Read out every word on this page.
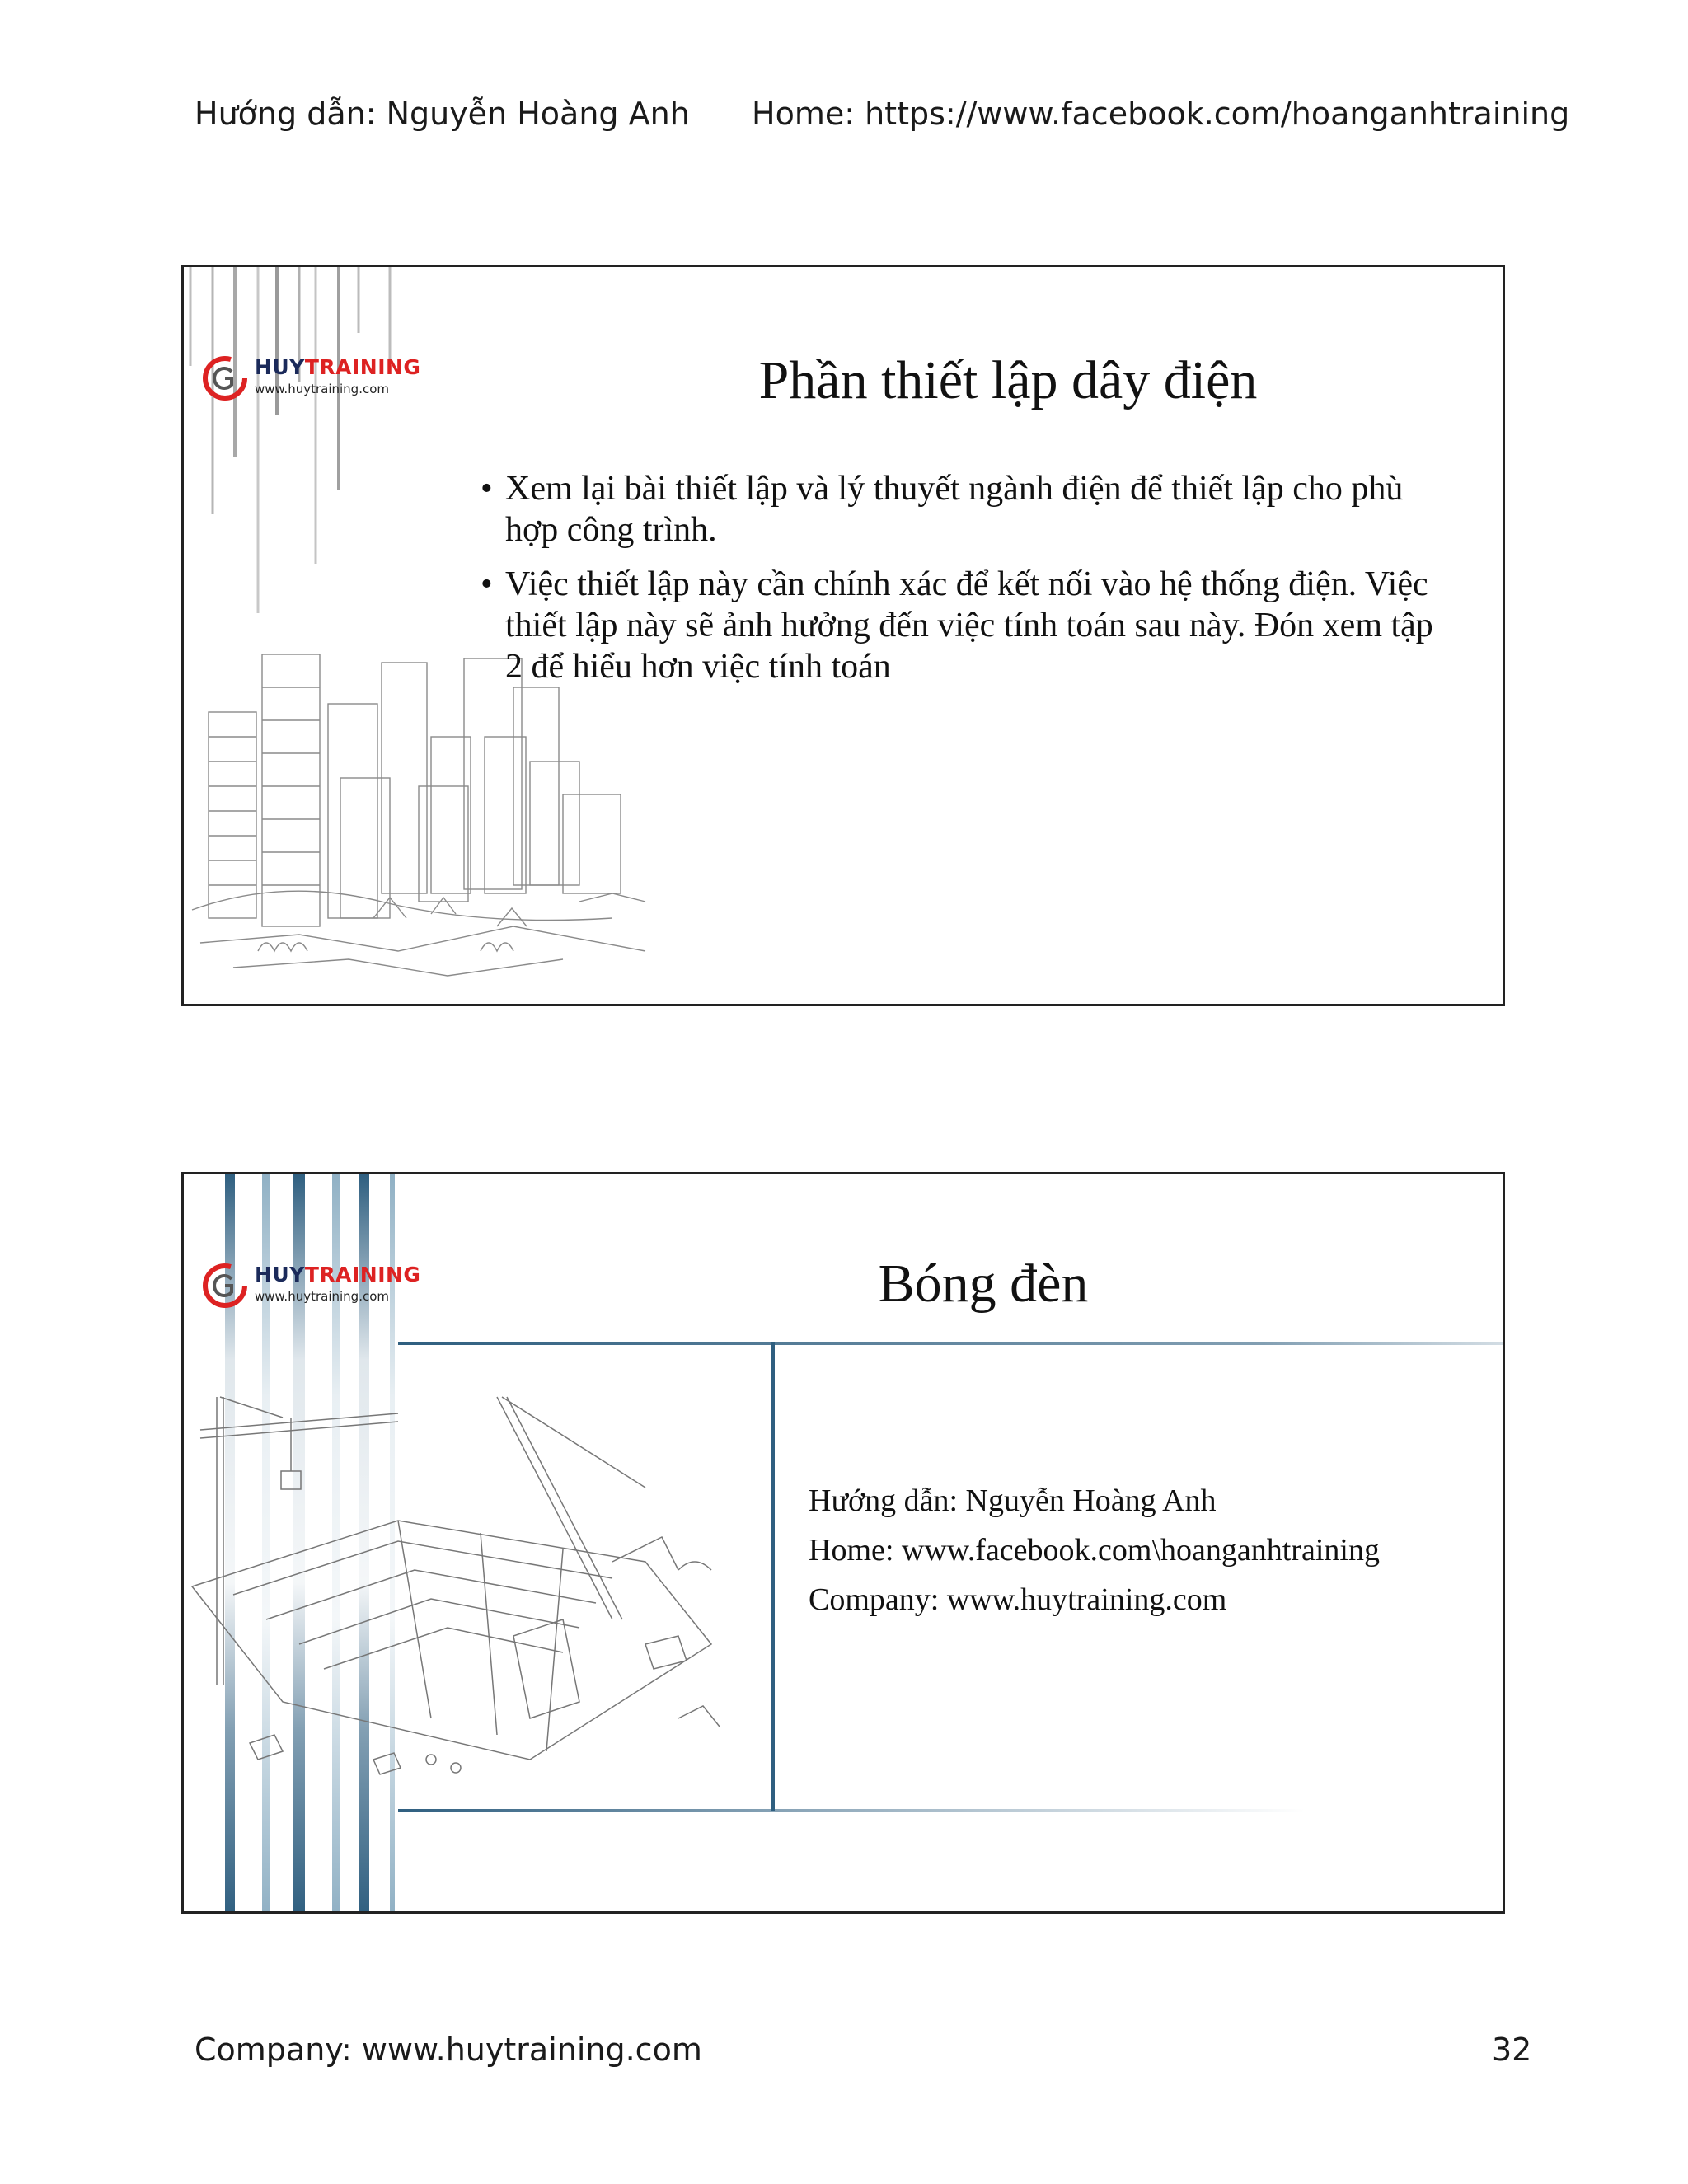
Hướng dẫn: Nguyễn Hoàng Anh Home: https://www.facebook.com/hoanganhtraining
HUYTRAINING
www.huytraining.com	Phần thiết lập dây điện
• Xem lại bài thiết lập và lý thuyết ngành điện để thiết lập cho phù hợp công trình.
• Việc thiết lập này cần chính xác để kết nối vào hệ thống điện. Việc thiết lập này sẽ ảnh hưởng đến việc tính toán sau này. Đón xem tập 2 để hiểu hơn việc tính toán
HUYTRAINING
www.huytraining.com	Bóng đèn
Hướng dẫn: Nguyễn Hoàng Anh
Home: www.facebook.com\hoanganhtraining
Company: www.huytraining.com
Company: www.huytraining.com	32
